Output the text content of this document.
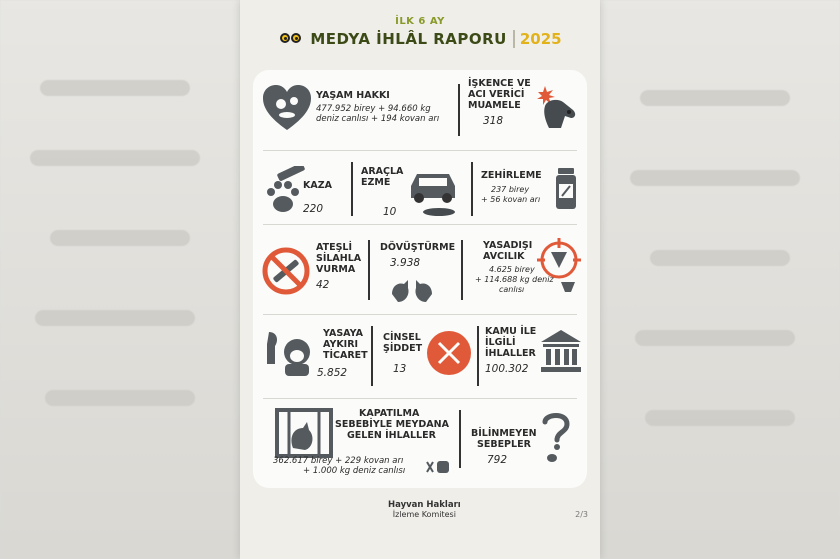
İLK 6 AY
MEDYA İHLÂL RAPORU 2025
YAŞAM HAKKI
477.952 birey + 94.660 kg deniz canlısı + 194 kovan arı
İŞKENCE VE
ACI VERİCİ
MUAMELE
318
KAZA
220
ARAÇLA
EZME
10
ZEHİRLEME
237 birey
+ 56 kovan arı
ATEŞLİ
SİLAHLA
VURMA
42
DÖVÜŞTÜRME
3.938
YASADIŞI
AVCILIK
4.625 birey
+ 114.688 kg deniz
canlısı
YASAYA
AYKIRI
TİCARET
5.852
CİNSEL
ŞİDDET
13
KAMU İLE
İLGİLİ
İHLALLER
100.302
KAPATILMA
SEBEBİYLE MEYDANA
GELEN İHLALLER
362.617 birey + 229 kovan arı
+ 1.000 kg deniz canlısı
BİLİNMEYEN
SEBEPLER
792
Hayvan Hakları
İzleme Komitesi	2/3
